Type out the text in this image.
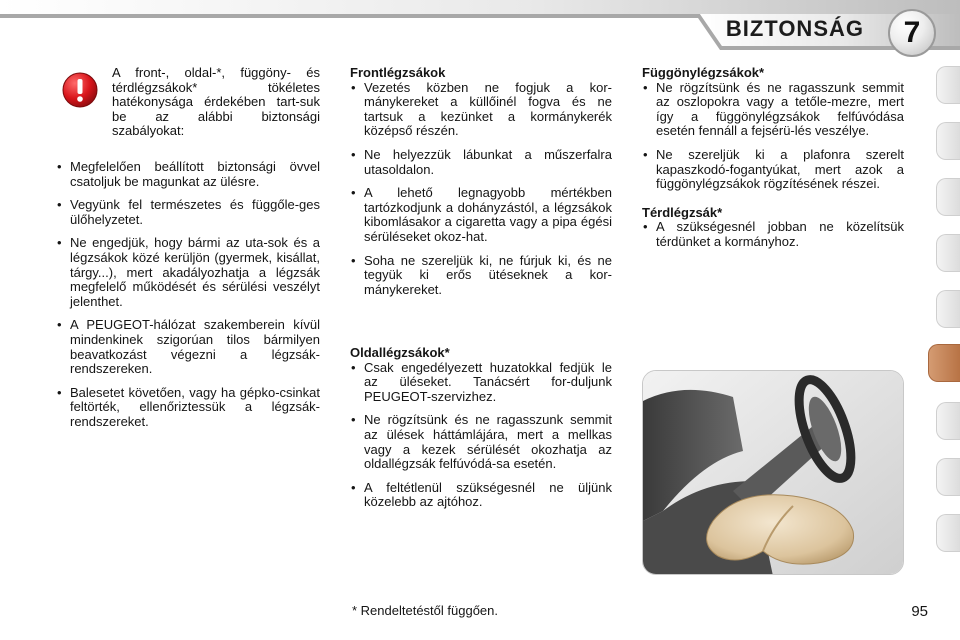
BIZTONSÁG	7

A front-, oldal-*, függöny- és térdlégzsákok* tökéletes hatékonysága érdekében tart-suk be az alábbi biztonsági szabályokat:

• Megfelelően beállított biztonsági övvel csatoljuk be magunkat az ülésre.
• Vegyünk fel természetes és függőle-ges ülőhelyzetet.
• Ne engedjük, hogy bármi az uta-sok és a légzsákok közé kerüljön (gyermek, kisállat, tárgy...), mert akadályozhatja a légzsák megfelelő működését és sérülési veszélyt jelenthet.
• A PEUGEOT-hálózat szakemberein kívül mindenkinek szigorúan tilos bármilyen beavatkozást végezni a légzsák-rendszereken.
• Balesetet követően, vagy ha gépko-csinkat feltörték, ellenőriztessük a légzsák-rendszereket.

Frontlégzsákok

• Vezetés közben ne fogjuk a kor-mánykereket a küllőinél fogva és ne tartsuk a kezünket a kormánykerék középső részén.
• Ne helyezzük lábunkat a műszerfalra utasoldalon.
• A lehető legnagyobb mértékben tartózkodjunk a dohányzástól, a légzsákok kibomlásakor a cigaretta vagy a pipa égési sérüléseket okoz-hat.
• Soha ne szereljük ki, ne fúrjuk ki, és ne tegyük ki erős ütéseknek a kor-mánykereket.

Oldallégzsákok*

• Csak engedélyezett huzatokkal fedjük le az üléseket. Tanácsért for-duljunk PEUGEOT-szervizhez.
• Ne rögzítsünk és ne ragasszunk semmit az ülések háttámlájára, mert a mellkas vagy a kezek sérülését okozhatja az oldallégzsák felfúvódá-sa esetén.
• A feltétlenül szükségesnél ne üljünk közelebb az ajtóhoz.

Függönylégzsákok*

• Ne rögzítsünk és ne ragasszunk semmit az oszlopokra vagy a tetőle-mezre, mert így a függönylégzsákok felfúvódása esetén fennáll a fejsérü-lés veszélye.
• Ne szereljük ki a plafonra szerelt kapaszkodó-fogantyúkat, mert azok a függönylégzsákok rögzítésének részei.

Térdlégzsák*

• A szükségesnél jobban ne közelítsük térdünket a kormányhoz.
* Rendeltetéstől függően.	95
